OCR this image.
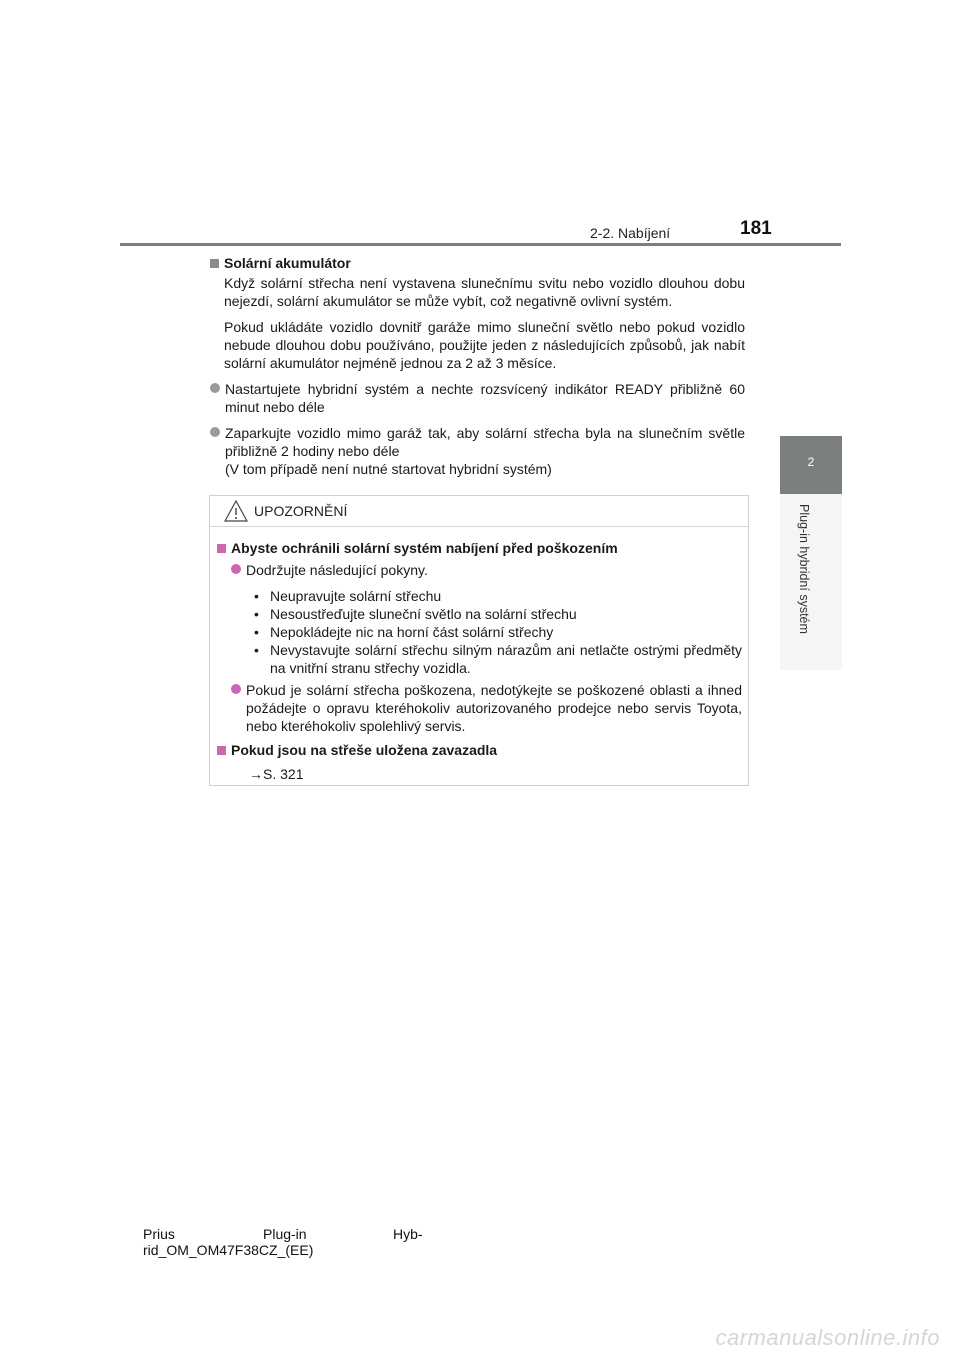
2-2. Nabíjení	181
2
Plug-in hybridní systém
Solární akumulátor
Když solární střecha není vystavena slunečnímu svitu nebo vozidlo dlouhou dobu nejezdí, solární akumulátor se může vybít, což negativně ovlivní systém.
Pokud ukládáte vozidlo dovnitř garáže mimo sluneční světlo nebo pokud vozidlo nebude dlouhou dobu používáno, použijte jeden z následujících způsobů, jak nabít solární akumulátor nejméně jednou za 2 až 3 měsíce.
Nastartujete hybridní systém a nechte rozsvícený indikátor READY přibližně 60 minut nebo déle
Zaparkujte vozidlo mimo garáž tak, aby solární střecha byla na slunečním světle přibližně 2 hodiny nebo déle
(V tom případě není nutné startovat hybridní systém)
UPOZORNĚNÍ
Abyste ochránili solární systém nabíjení před poškozením
Dodržujte následující pokyny.
• Neupravujte solární střechu
• Nesoustřeďujte sluneční světlo na solární střechu
• Nepokládejte nic na horní část solární střechy
• Nevystavujte solární střechu silným nárazům ani netlačte ostrými předměty na vnitřní stranu střechy vozidla.
Pokud je solární střecha poškozena, nedotýkejte se poškozené oblasti a ihned požádejte o opravu kteréhokoliv autorizovaného prodejce nebo servis Toyota, nebo kteréhokoliv spolehlivý servis.
Pokud jsou na střeše uložena zavazadla
→S. 321
Prius	Plug-in	Hyb-
rid_OM_OM47F38CZ_(EE)
carmanualsonline.info
